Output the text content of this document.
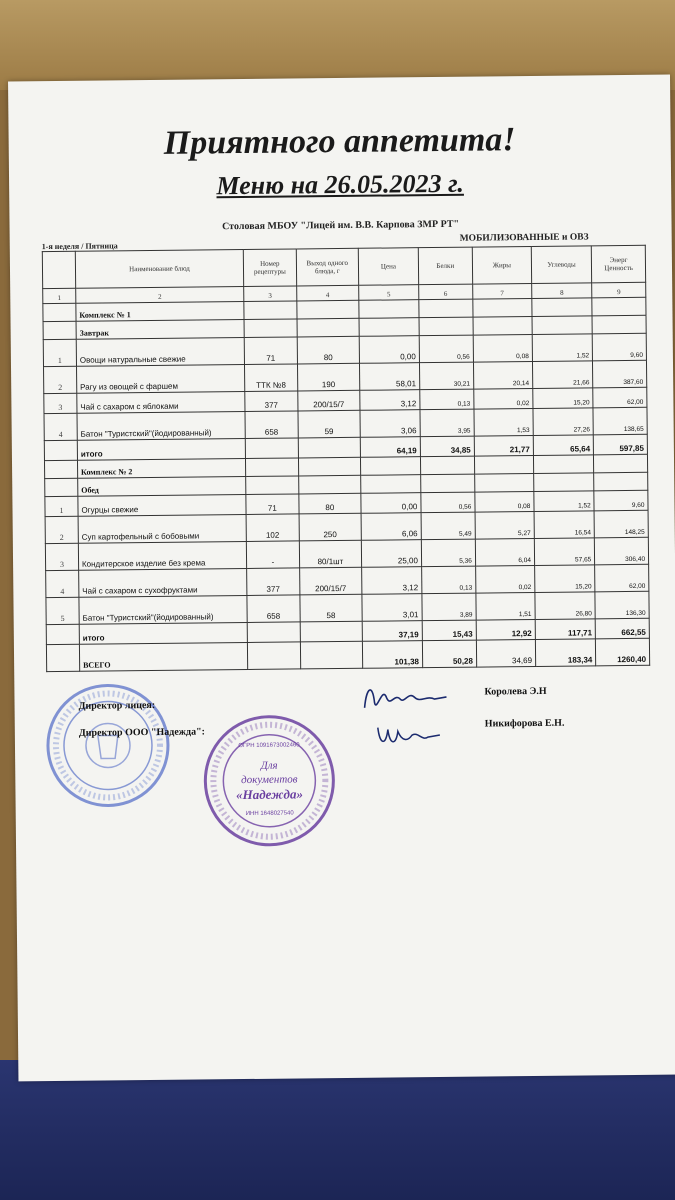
Приятного аппетита!
Меню на 26.05.2023 г.
Столовая МБОУ "Лицей им. В.В. Карпова ЗМР РТ"
1-я неделя / Пятница
МОБИЛИЗОВАННЫЕ и ОВЗ
	Наименование блюд	Номер рецептуры	Выход одного блюда, г	Цена	Белки	Жиры	Углеводы	Энерг Ценность
1	2	3	4	5	6	7	8	9
	Комплекс № 1							
	Завтрак							
1	Овощи натуральные свежие	71	80	0,00	0,56	0,08	1,52	9,60
2	Рагу из овощей с фаршем	ТТК №8	190	58,01	30,21	20,14	21,66	387,60
3	Чай с сахаром с яблоками	377	200/15/7	3,12	0,13	0,02	15,20	62,00
4	Батон "Туристский"(йодированный)	658	59	3,06	3,95	1,53	27,26	138,65
	итого			64,19	34,85	21,77	65,64	597,85
	Комплекс № 2							
	Обед							
1	Огурцы свежие	71	80	0,00	0,56	0,08	1,52	9,60
2	Суп картофельный с бобовыми	102	250	6,06	5,49	5,27	16,54	148,25
3	Кондитерское изделие без крема	-	80/1шт	25,00	5,36	6,04	57,65	306,40
4	Чай с сахаром с сухофруктами	377	200/15/7	3,12	0,13	0,02	15,20	62,00
5	Батон "Туристский"(йодированный)	658	58	3,01	3,89	1,51	26,80	136,30
	итого			37,19	15,43	12,92	117,71	662,55
	ВСЕГО			101,38	50,28	34,69	183,34	1260,40
Директор лицея:
Директор ООО "Надежда":
Для
документов
«Надежда»
ИНН 1648027540
ОГРН 1091673002460
Королева Э.Н
Никифорова Е.Н.
